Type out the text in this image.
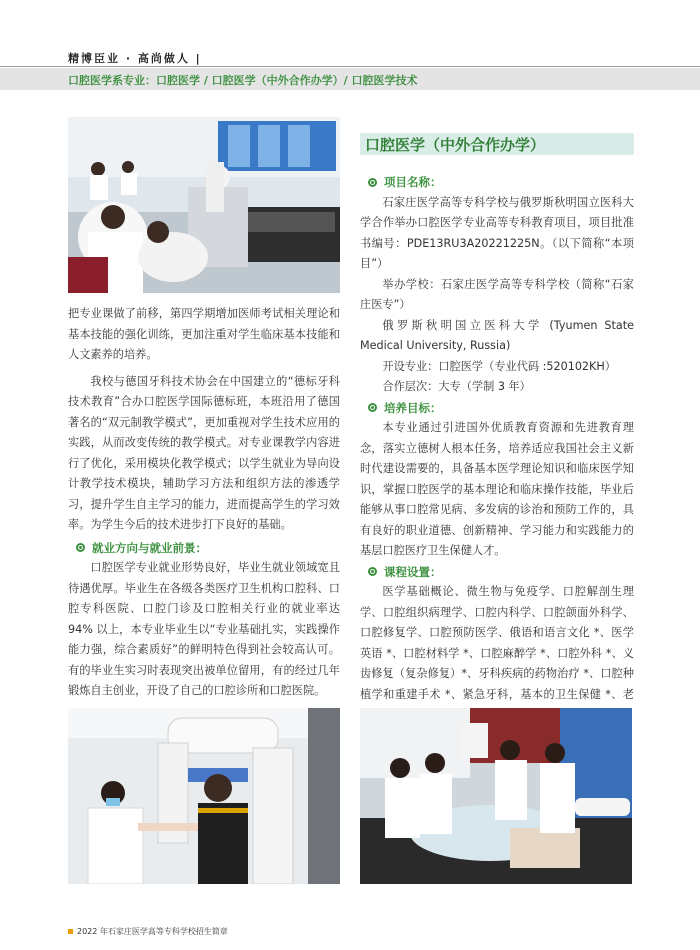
精博臣业 · 高尚做人 |
口腔医学系专业：口腔医学 / 口腔医学（中外合作办学）/ 口腔医学技术

把专业课做了前移，第四学期增加医师考试相关理论和基本技能的强化训练，更加注重对学生临床基本技能和人文素养的培养。

我校与德国牙科技术协会在中国建立的“德标牙科技术教育”合办口腔医学国际德标班，本班沿用了德国著名的“双元制教学模式”，更加重视对学生技术应用的实践，从而改变传统的教学模式。对专业课教学内容进行了优化，采用模块化教学模式；以学生就业为导向设计教学技术模块，辅助学习方法和组织方法的渗透学习，提升学生自主学习的能力，进而提高学生的学习效率。为学生今后的技术进步打下良好的基础。

就业方向与就业前景：

口腔医学专业就业形势良好，毕业生就业领域宽且待遇优厚。毕业生在各级各类医疗卫生机构口腔科、口腔专科医院、口腔门诊及口腔相关行业的就业率达 94% 以上，本专业毕业生以“专业基础扎实，实践操作能力强，综合素质好”的鲜明特色得到社会较高认可。有的毕业生实习时表现突出被单位留用，有的经过几年锻炼自主创业，开设了自己的口腔诊所和口腔医院。

口腔医学（中外合作办学）
项目名称：

石家庄医学高等专科学校与俄罗斯秋明国立医科大学合作举办口腔医学专业高等专科教育项目，项目批准书编号：PDE13RU3A20221225N。（以下简称“本项目”）

举办学校：石家庄医学高等专科学校（简称“石家庄医专”）

俄罗斯秋明国立医科大学 (Tyumen State Medical University, Russia)

开设专业：口腔医学（专业代码 :520102KH）

合作层次：大专（学制 3 年）

培养目标：

本专业通过引进国外优质教育资源和先进教育理念，落实立德树人根本任务，培养适应我国社会主义新时代建设需要的，具备基本医学理论知识和临床医学知识，掌握口腔医学的基本理论和临床操作技能，毕业后能够从事口腔常见病、多发病的诊治和预防工作的，具有良好的职业道德、创新精神、学习能力和实践能力的基层口腔医疗卫生保健人才。

课程设置：

医学基础概论、微生物与免疫学、口腔解剖生理学、口腔组织病理学、口腔内科学、口腔颌面外科学、口腔修复学、口腔预防医学、俄语和语言文化 *、医学英语 *、口腔材料学 *、口腔麻醉学 *、口腔外科 *、义齿修复（复杂修复）*、牙科疾病的药物治疗 *、口腔种植学和重建手术 *、紧急牙科，基本的卫生保健 *、老

2022 年石家庄医学高等专科学校招生简章
